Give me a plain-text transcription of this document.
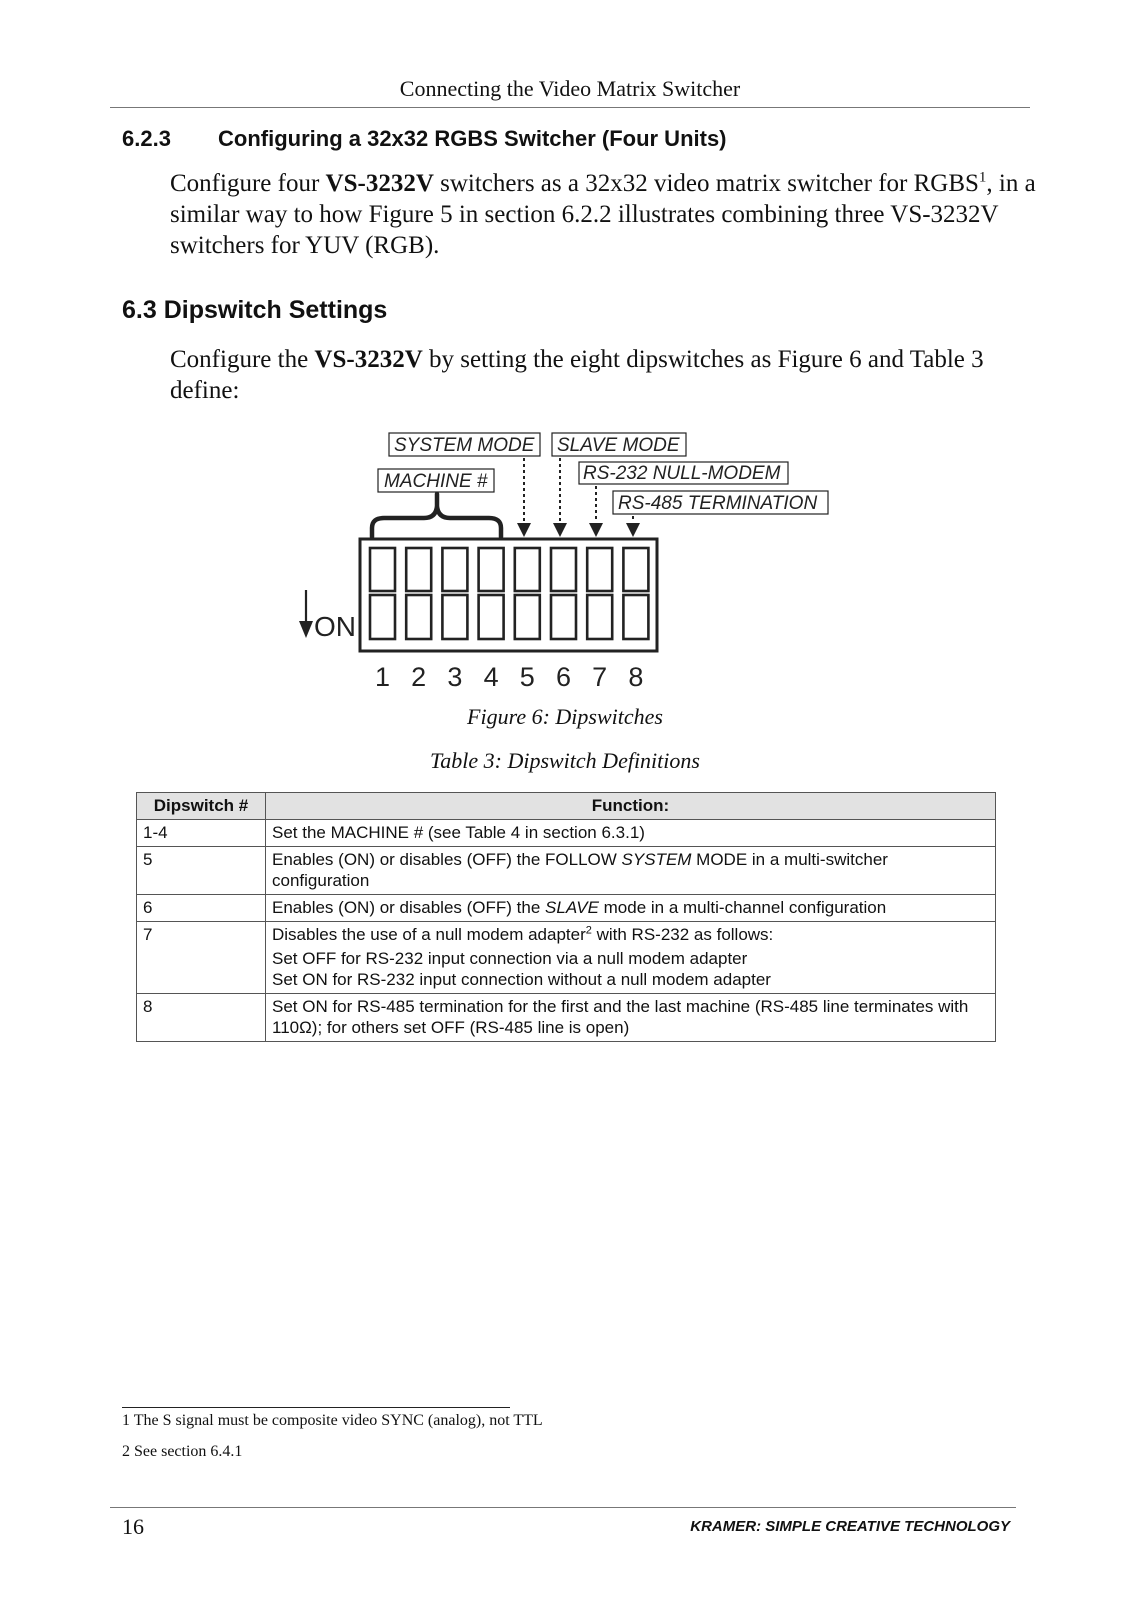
Connecting the Video Matrix Switcher
6.2.3 Configuring a 32x32 RGBS Switcher (Four Units)
Configure four VS-3232V switchers as a 32x32 video matrix switcher for RGBS$^1$, in a similar way to how Figure 5 in section 6.2.2 illustrates combining three VS-3232V switchers for YUV (RGB).
6.3 Dipswitch Settings
Configure the VS-3232V by setting the eight dipswitches as Figure 6 and Table 3 define:
SYSTEM MODE SLAVE MODE
MACHINE #	RS-232 NULL-MODEM
RS-485 TERMINATION
ON
1 2 3 4 5 6 7 8
Figure 6: Dipswitches
Table 3: Dipswitch Definitions
Dipswitch #	Function:
1-4	Set the MACHINE # (see Table 4 in section 6.3.1)
5	Enables (ON) or disables (OFF) the FOLLOW SYSTEM MODE in a multi-switcher configuration
6	Enables (ON) or disables (OFF) the SLAVE mode in a multi-channel configuration
7	Disables the use of a null modem adapter$^2$ with RS-232 as follows:
Set OFF for RS-232 input connection via a null modem adapter
Set ON for RS-232 input connection without a null modem adapter

8	Set ON for RS-485 termination for the first and the last machine (RS-485 line terminates with 110Ω); for others set OFF (RS-485 line is open)
1 The S signal must be composite video SYNC (analog), not TTL
2 See section 6.4.1
16	KRAMER: SIMPLE CREATIVE TECHNOLOGY
